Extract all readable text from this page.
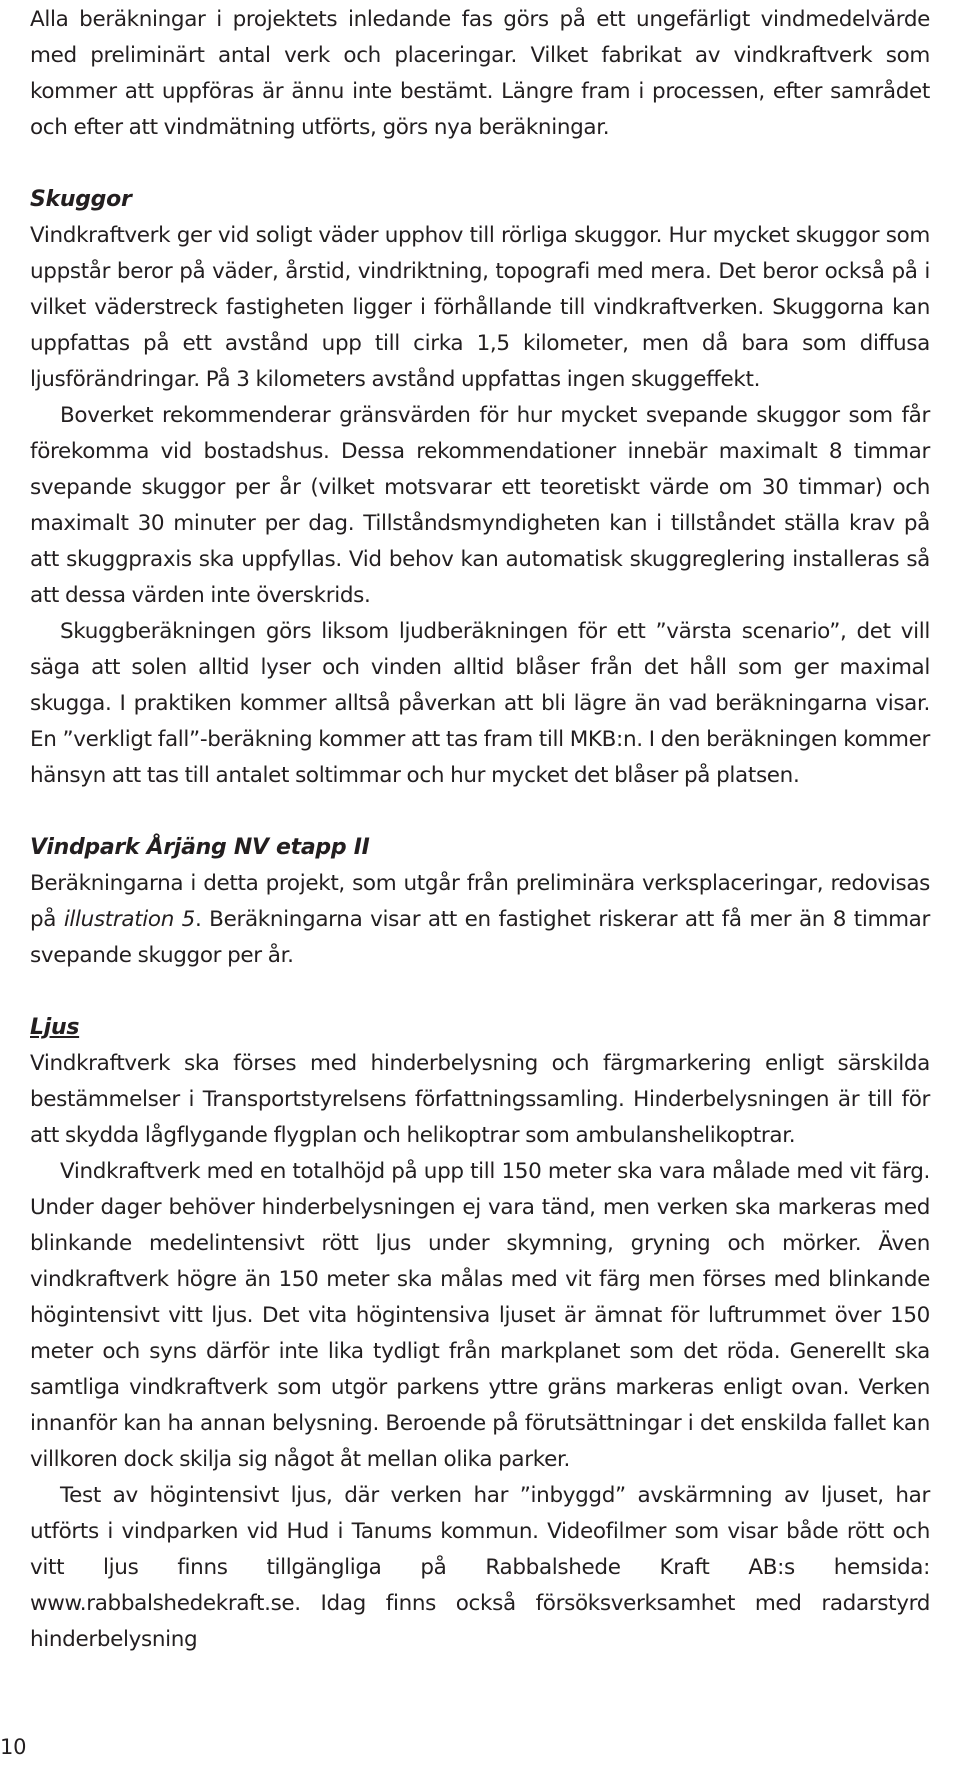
Alla beräkningar i projektets inledande fas görs på ett ungefärligt vindmedelvärde med preliminärt antal verk och placeringar. Vilket fabrikat av vindkraftverk som kommer att uppföras är ännu inte bestämt. Längre fram i processen, efter samrådet och efter att vindmätning utförts, görs nya beräkningar.

Skuggor

Vindkraftverk ger vid soligt väder upphov till rörliga skuggor. Hur mycket skuggor som uppstår beror på väder, årstid, vindriktning, topografi med mera. Det beror också på i vilket väderstreck fastigheten ligger i förhållande till vindkraftverken. Skuggorna kan uppfattas på ett avstånd upp till cirka 1,5 kilometer, men då bara som diffusa ljusförändringar. På 3 kilometers avstånd uppfattas ingen skuggeffekt.

Boverket rekommenderar gränsvärden för hur mycket svepande skuggor som får förekomma vid bostadshus. Dessa rekommendationer innebär maximalt 8 timmar svepande skuggor per år (vilket motsvarar ett teoretiskt värde om 30 timmar) och maximalt 30 minuter per dag. Tillståndsmyndigheten kan i tillståndet ställa krav på att skuggpraxis ska uppfyllas. Vid behov kan automatisk skuggreglering installeras så att dessa värden inte överskrids.

Skuggberäkningen görs liksom ljudberäkningen för ett ”värsta scenario”, det vill säga att solen alltid lyser och vinden alltid blåser från det håll som ger maximal skugga. I praktiken kommer alltså påverkan att bli lägre än vad beräkningarna visar. En ”verkligt fall”-beräkning kommer att tas fram till MKB:n. I den beräkningen kommer hänsyn att tas till antalet soltimmar och hur mycket det blåser på platsen.

Vindpark Årjäng NV etapp II

Beräkningarna i detta projekt, som utgår från preliminära verksplaceringar, redovisas på illustration 5. Beräkningarna visar att en fastighet riskerar att få mer än 8 timmar svepande skuggor per år.

Ljus

Vindkraftverk ska förses med hinderbelysning och färgmarkering enligt särskilda bestämmelser i Transportstyrelsens författningssamling. Hinderbelysningen är till för att skydda lågflygande flygplan och helikoptrar som ambulanshelikoptrar.

Vindkraftverk med en totalhöjd på upp till 150 meter ska vara målade med vit färg. Under dager behöver hinderbelysningen ej vara tänd, men verken ska markeras med blinkande medelintensivt rött ljus under skymning, gryning och mörker. Även vindkraftverk högre än 150 meter ska målas med vit färg men förses med blinkande högintensivt vitt ljus. Det vita högintensiva ljuset är ämnat för luftrummet över 150 meter och syns därför inte lika tydligt från markplanet som det röda. Generellt ska samtliga vindkraftverk som utgör parkens yttre gräns markeras enligt ovan. Verken innanför kan ha annan belysning. Beroende på förutsättningar i det enskilda fallet kan villkoren dock skilja sig något åt mellan olika parker.

Test av högintensivt ljus, där verken har ”inbyggd” avskärmning av ljuset, har utförts i vindparken vid Hud i Tanums kommun. Videofilmer som visar både rött och vitt ljus finns tillgängliga på Rabbalshede Kraft AB:s hemsida: www.rabbalshedekraft.se. Idag finns också försöksverksamhet med radarstyrd hinderbelysning

10
